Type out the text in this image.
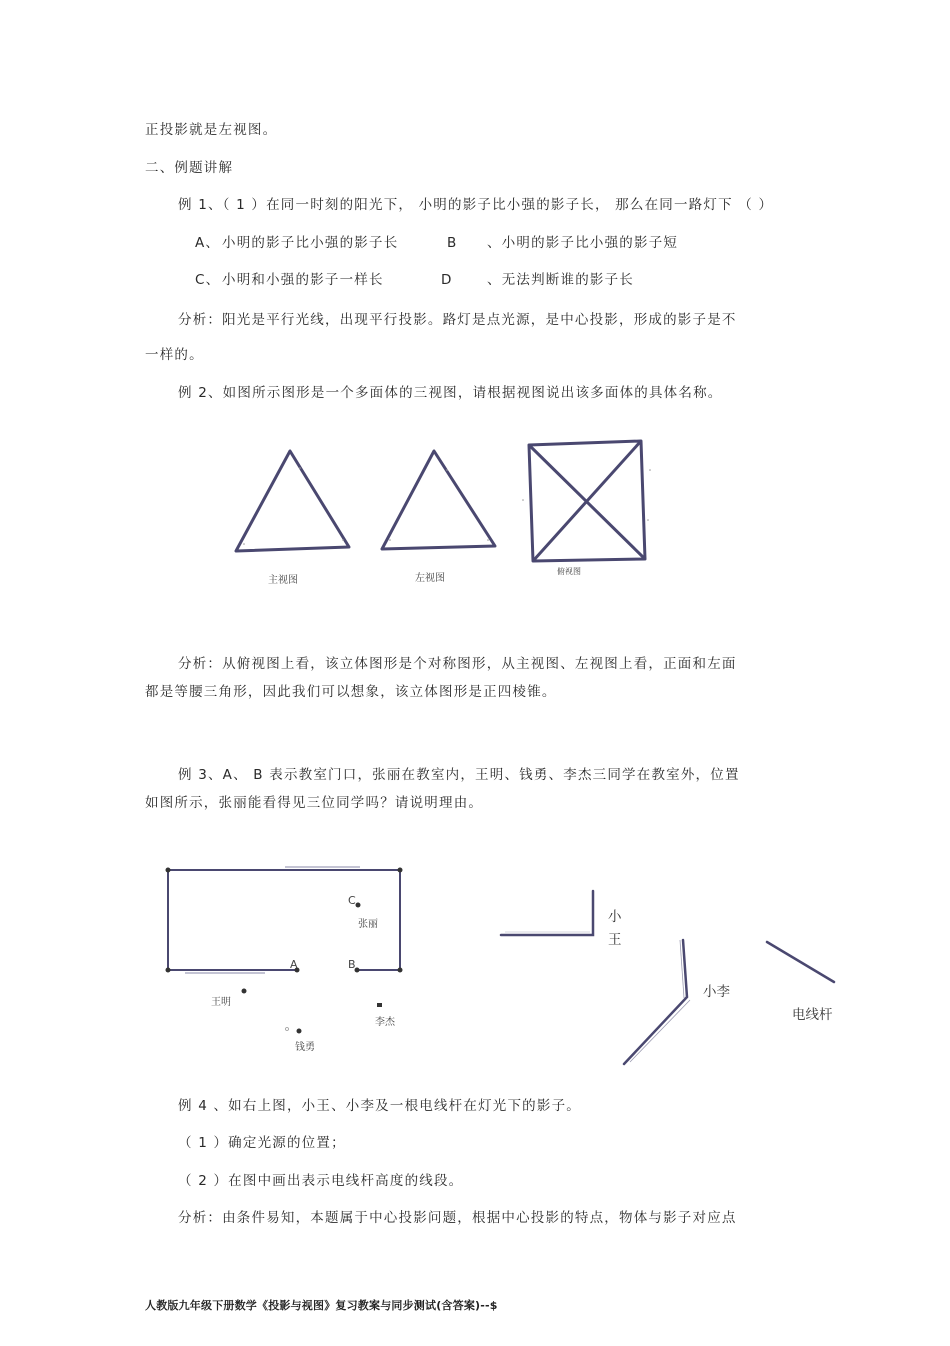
正投影就是左视图。
二、例题讲解
例 1、（ 1 ）在同一时刻的阳光下， 小明的影子比小强的影子长， 那么在同一路灯下 （ ）
A、 小明的影子比小强的影子长	B 、小明的影子比小强的影子短
C、 小明和小强的影子一样长	D	、无法判断谁的影子长
分析：阳光是平行光线，出现平行投影。路灯是点光源，是中心投影，形成的影子是不
一样的。
例 2、如图所示图形是一个多面体的三视图，请根据视图说出该多面体的具体名称。
主视图	左视图
俯视图
分析：从俯视图上看，该立体图形是个对称图形，从主视图、左视图上看，正面和左面
都是等腰三角形，因此我们可以想象，该立体图形是正四棱锥。
例 3、A、 B 表示教室门口，张丽在教室内，王明、钱勇、李杰三同学在教室外，位置
如图所示，张丽能看得见三位同学吗？请说明理由。
C
张丽
A	B
王明
李杰
钱勇
小
王
小李
电线杆
例 4 、如右上图，小王、小李及一根电线杆在灯光下的影子。
（ 1 ）确定光源的位置；
（ 2 ）在图中画出表示电线杆高度的线段。
分析：由条件易知，本题属于中心投影问题，根据中心投影的特点，物体与影子对应点
人教版九年级下册数学《投影与视图》复习教案与同步测试(含答案)--$
